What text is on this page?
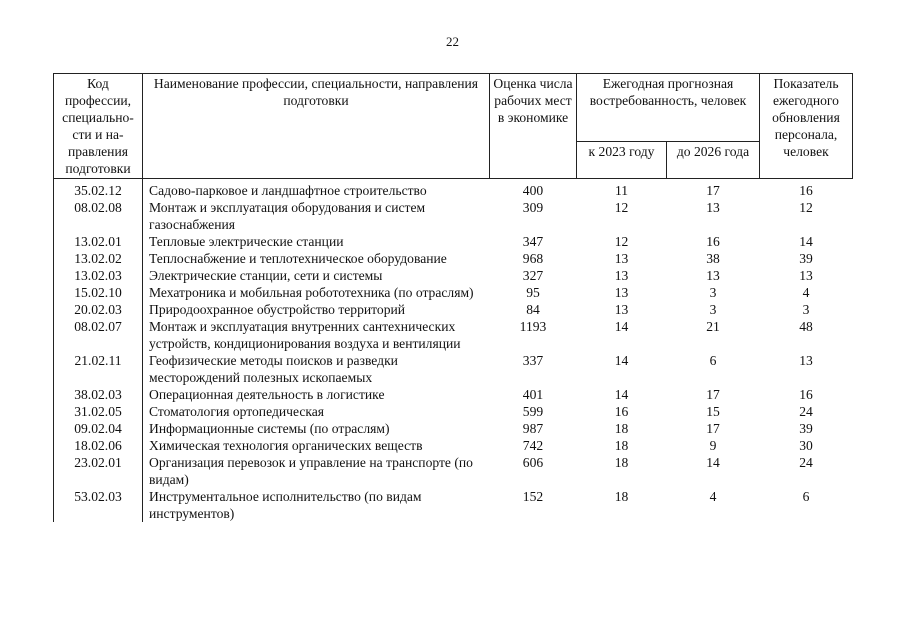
22
Код профессии, специально-сти и на-правления подготовки	Наименование профессии, специальности, направления подготовки	Оценка числа рабочих мест в экономике	Ежегодная прогнозная востребованность, человек		Показатель ежегодного обновления персонала, человек
			к 2023 году	до 2026 года	
35.02.12	Садово-парковое и ландшафтное строительство	400	11	17	16
08.02.08	Монтаж и эксплуатация оборудования и систем газоснабжения	309	12	13	12
13.02.01	Тепловые электрические станции	347	12	16	14
13.02.02	Теплоснабжение и теплотехническое оборудование	968	13	38	39
13.02.03	Электрические станции, сети и системы	327	13	13	13
15.02.10	Мехатроника и мобильная робототехника (по отраслям)	95	13	3	4
20.02.03	Природоохранное обустройство территорий	84	13	3	3
08.02.07	Монтаж и эксплуатация внутренних сантехнических устройств, кондиционирования воздуха и вентиляции	1193	14	21	48
21.02.11	Геофизические методы поисков и разведки месторождений полезных ископаемых	337	14	6	13
38.02.03	Операционная деятельность в логистике	401	14	17	16
31.02.05	Стоматология ортопедическая	599	16	15	24
09.02.04	Информационные системы (по отраслям)	987	18	17	39
18.02.06	Химическая технология органических веществ	742	18	9	30
23.02.01	Организация перевозок и управление на транспорте (по видам)	606	18	14	24
53.02.03	Инструментальное исполнительство (по видам инструментов)	152	18	4	6
